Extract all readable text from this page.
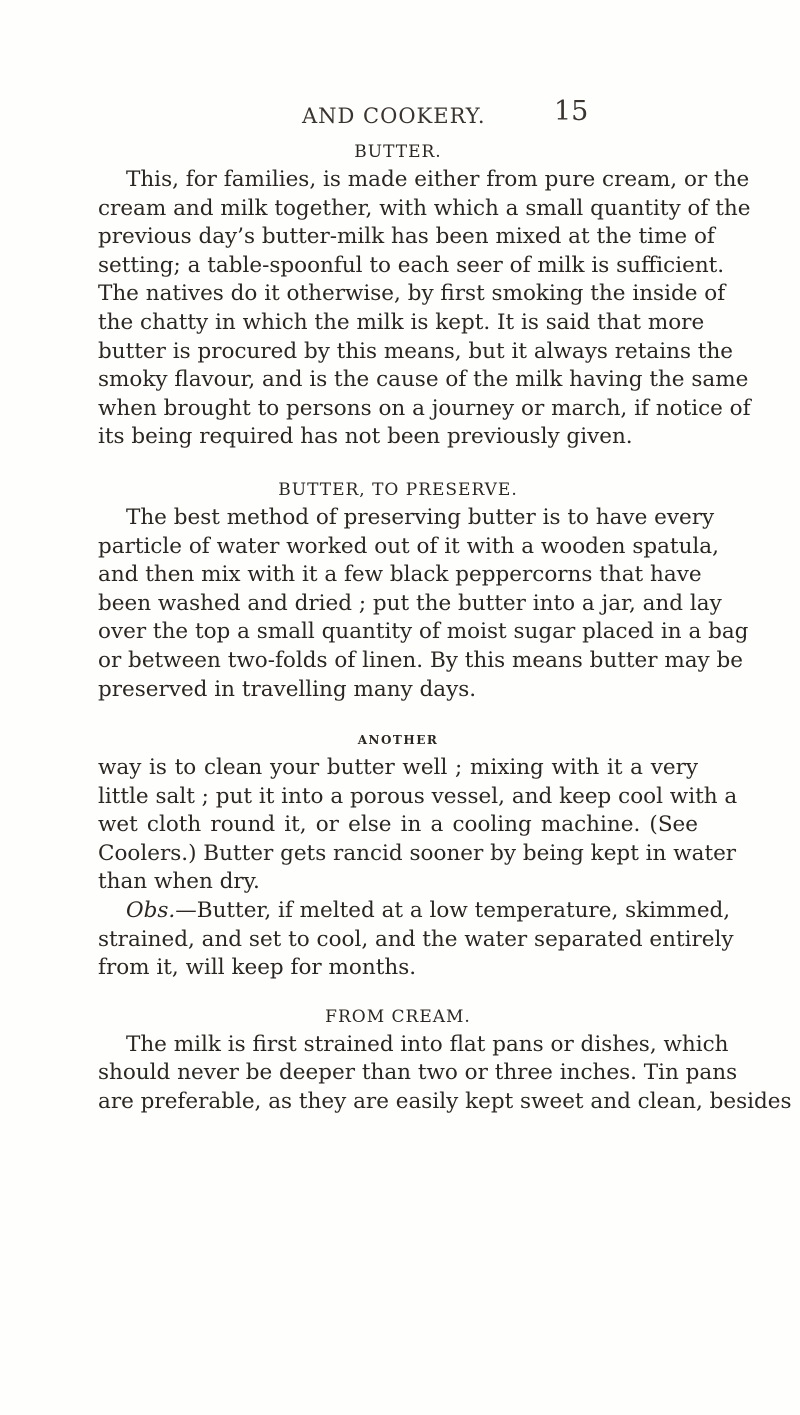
AND COOKERY.	15
BUTTER.
This, for families, is made either from pure cream, or the
cream and milk together, with which a small quantity of the
previous day’s butter-milk has been mixed at the time of
setting; a table-spoonful to each seer of milk is sufficient.
The natives do it otherwise, by first smoking the inside of
the chatty in which the milk is kept. It is said that more
butter is procured by this means, but it always retains the
smoky flavour, and is the cause of the milk having the same
when brought to persons on a journey or march, if notice of
its being required has not been previously given.
BUTTER, TO PRESERVE.
The best method of preserving butter is to have every
particle of water worked out of it with a wooden spatula,
and then mix with it a few black peppercorns that have
been washed and dried ; put the butter into a jar, and lay
over the top a small quantity of moist sugar placed in a bag
or between two-folds of linen. By this means butter may be
preserved in travelling many days.
ANOTHER
way is to clean your butter well ; mixing with it a very
little salt ; put it into a porous vessel, and keep cool with a
wet cloth round it, or else in a cooling machine. (See
Coolers.) Butter gets rancid sooner by being kept in water
than when dry.
Obs.—Butter, if melted at a low temperature, skimmed,
strained, and set to cool, and the water separated entirely
from it, will keep for months.
FROM CREAM.
The milk is first strained into flat pans or dishes, which
should never be deeper than two or three inches. Tin pans
are preferable, as they are easily kept sweet and clean, besides
